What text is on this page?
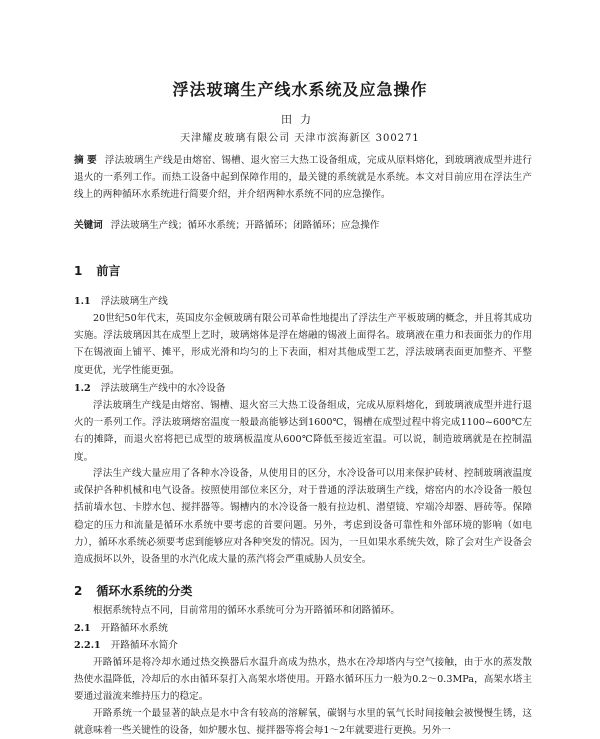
浮法玻璃生产线水系统及应急操作
田力
天津耀皮玻璃有限公司 天津市滨海新区 300271
摘 要 浮法玻璃生产线是由熔窑、锡槽、退火窑三大热工设备组成，完成从原料熔化，到玻璃液成型并进行退火的一系列工作。而热工设备中起到保障作用的，最关键的系统就是水系统。本文对目前应用在浮法生产线上的两种循环水系统进行简要介绍，并介绍两种水系统不同的应急操作。
关键词 浮法玻璃生产线；循环水系统；开路循环；闭路循环；应急操作
1 前言
1.1 浮法玻璃生产线
20世纪50年代末，英国皮尔金顿玻璃有限公司革命性地提出了浮法生产平板玻璃的概念，并且将其成功实施。浮法玻璃因其在成型上艺时，玻璃熔体是浮在熔融的锡液上面得名。玻璃液在重力和表面张力的作用下在锡液面上铺平、摊平，形成光滑和均匀的上下表面，相对其他成型工艺，浮法玻璃表面更加整齐、平整度更优，光学性能更强。
1.2 浮法玻璃生产线中的水冷设备
浮法玻璃生产线是由熔窑、锡槽、退火窑三大热工设备组成，完成从原料熔化，到玻璃液成型并进行退火的一系列工作。浮法玻璃熔窑温度一般最高能够达到1600℃，锡槽在成型过程中将完成1100~600℃左右的摊降，而退火窑将把已成型的玻璃板温度从600℃降低至接近室温。可以说，制造玻璃就是在控制温度。
浮法生产线大量应用了各种水冷设备，从使用目的区分，水冷设备可以用来保护砖材、控制玻璃液温度或保护各种机械和电气设备。按照使用部位来区分，对于普通的浮法玻璃生产线，熔窑内的水冷设备一般包括前墙水包、卡脖水包、搅拌器等。锡槽内的水冷设备一般有拉边机、潜望镜、窄端冷却器、唇砖等。保障稳定的压力和流量是循环水系统中要考虑的首要问题。另外，考虑到设备可靠性和外部环境的影响（如电力），循环水系统必须要考虑到能够应对各种突发的情况。因为，一旦如果水系统失效，除了会对生产设备会造成损坏以外，设备里的水汽化成大量的蒸汽将会严重威胁人员安全。
2 循环水系统的分类
根据系统特点不同，目前常用的循环水系统可分为开路循环和闭路循环。
2.1 开路循环水系统
2.2.1 开路循环水简介
开路循环是将冷却水通过热交换器后水温升高成为热水，热水在冷却塔内与空气接触，由于水的蒸发散热使水温降低，冷却后的水由循环泵打入高架水塔使用。开路水循环压力一般为0.2～0.3MPa，高架水塔主要通过溢流来维持压力的稳定。
开路系统一个最显著的缺点是水中含有较高的溶解氧，碳钢与水里的氧气长时间接触会被慢慢生锈，这就意味着一些关键性的设备，如炉腰水包、搅拌器等将会每1～2年就要进行更换。另外一
